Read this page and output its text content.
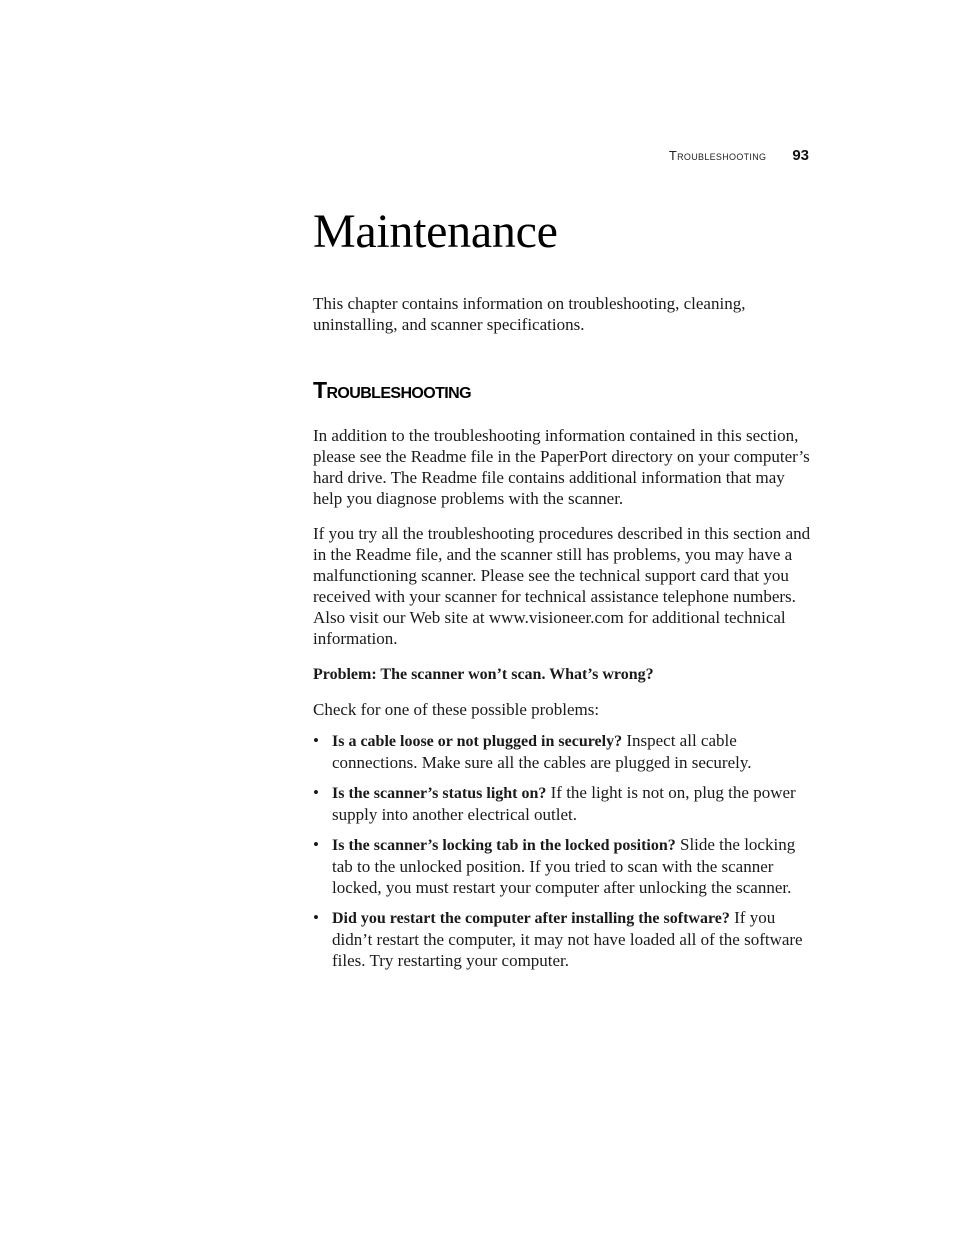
Troubleshooting 93
Maintenance

This chapter contains information on troubleshooting, cleaning, uninstalling, and scanner specifications.

Troubleshooting

In addition to the troubleshooting information contained in this section, please see the Readme file in the PaperPort directory on your computer’s hard drive. The Readme file contains additional information that may help you diagnose problems with the scanner.

If you try all the troubleshooting procedures described in this section and in the Readme file, and the scanner still has problems, you may have a malfunctioning scanner. Please see the technical support card that you received with your scanner for technical assistance telephone numbers. Also visit our Web site at www.visioneer.com for additional technical information.

Problem: The scanner won’t scan. What’s wrong?

Check for one of these possible problems:

• Is a cable loose or not plugged in securely? Inspect all cable connections. Make sure all the cables are plugged in securely.
• Is the scanner’s status light on? If the light is not on, plug the power supply into another electrical outlet.
• Is the scanner’s locking tab in the locked position? Slide the locking tab to the unlocked position. If you tried to scan with the scanner locked, you must restart your computer after unlocking the scanner.
• Did you restart the computer after installing the software? If you didn’t restart the computer, it may not have loaded all of the software files. Try restarting your computer.
